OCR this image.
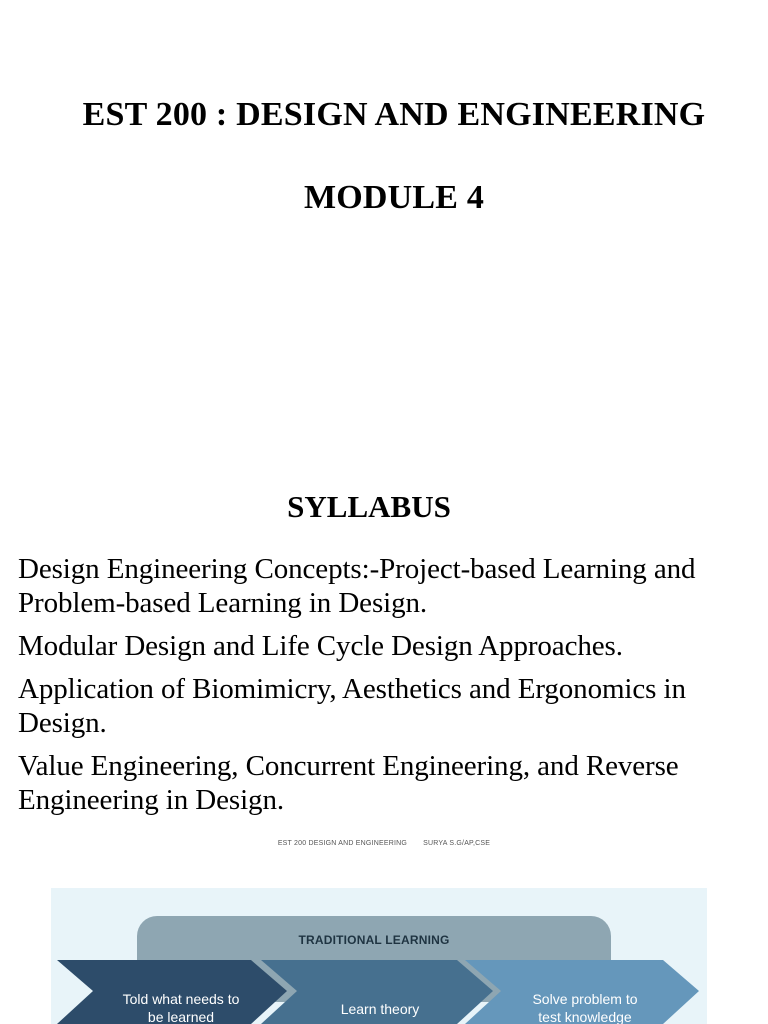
EST 200 : DESIGN AND ENGINEERING
MODULE 4
SYLLABUS
Design Engineering Concepts:-Project-based Learning and Problem-based Learning in Design.
Modular Design and Life Cycle Design Approaches.
Application of Biomimicry, Aesthetics and Ergonomics in Design.
Value Engineering, Concurrent Engineering, and Reverse Engineering in Design.
EST 200 DESIGN AND ENGINEERING SURYA S.G/AP,CSE
TRADITIONAL LEARNING
Told what needs to
be learned	Learn theory
Solve problem to
test knowledge
